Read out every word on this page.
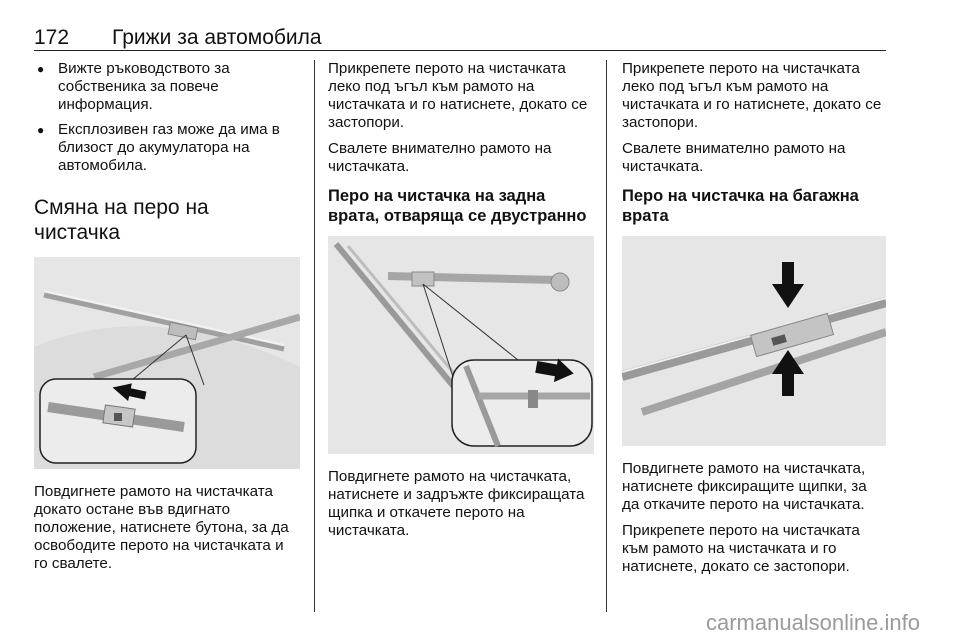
172 Грижи за автомобила
● Вижте ръководството за собственика за повече информация.
● Експлозивен газ може да има в близост до акумулатора на автомобила.
Смяна на перо на чистачка

Повдигнете рамото на чистачката докато остане във вдигнато положение, натиснете бутона, за да освободите перото на чистачката и го свалете.

Прикрепете перото на чистачката леко под ъгъл към рамото на чистачката и го натиснете, докато се застопори.

Свалете внимателно рамото на чистачката.

Перо на чистачка на задна врата, отваряща се двустранно

Повдигнете рамото на чистачката, натиснете и задръжте фиксиращата щипка и откачете перото на чистачката.

Прикрепете перото на чистачката леко под ъгъл към рамото на чистачката и го натиснете, докато се застопори.

Свалете внимателно рамото на чистачката.

Перо на чистачка на багажна врата

Повдигнете рамото на чистачката, натиснете фиксиращите щипки, за да откачите перото на чистачката.

Прикрепете перото на чистачката към рамото на чистачката и го натиснете, докато се застопори.

carmanualsonline.info
